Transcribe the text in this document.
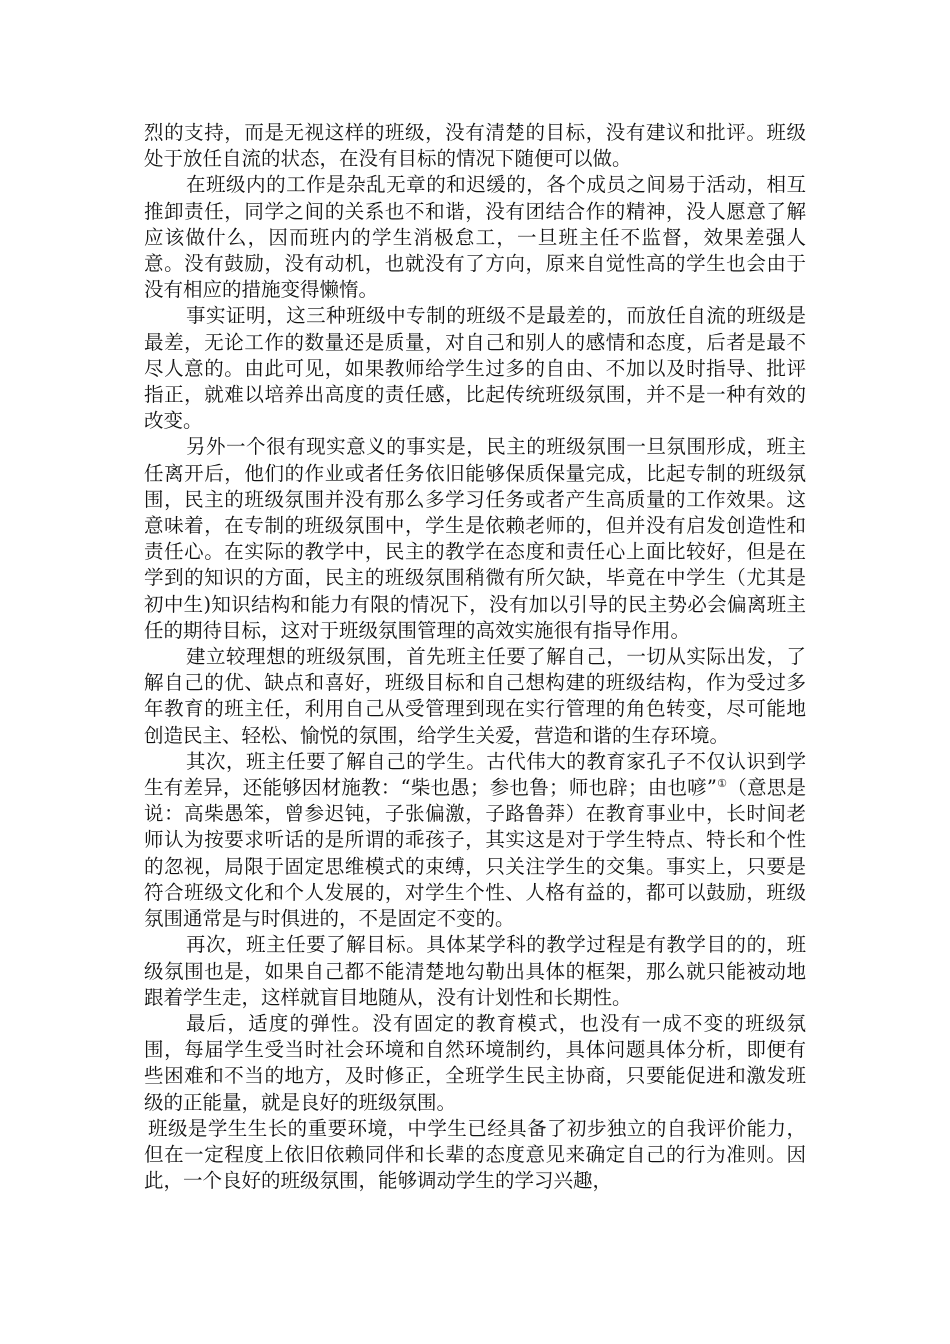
烈的支持，而是无视这样的班级，没有清楚的目标，没有建议和批评。班级处于放任自流的状态，在没有目标的情况下随便可以做。

在班级内的工作是杂乱无章的和迟缓的，各个成员之间易于活动，相互推卸责任，同学之间的关系也不和谐，没有团结合作的精神，没人愿意了解应该做什么，因而班内的学生消极怠工，一旦班主任不监督，效果差强人意。没有鼓励，没有动机，也就没有了方向，原来自觉性高的学生也会由于没有相应的措施变得懒惰。

事实证明，这三种班级中专制的班级不是最差的，而放任自流的班级是最差，无论工作的数量还是质量，对自己和别人的感情和态度，后者是最不尽人意的。由此可见，如果教师给学生过多的自由、不加以及时指导、批评指正，就难以培养出高度的责任感，比起传统班级氛围，并不是一种有效的改变。

另外一个很有现实意义的事实是，民主的班级氛围一旦氛围形成，班主任离开后，他们的作业或者任务依旧能够保质保量完成，比起专制的班级氛围，民主的班级氛围并没有那么多学习任务或者产生高质量的工作效果。这意味着，在专制的班级氛围中，学生是依赖老师的，但并没有启发创造性和责任心。在实际的教学中，民主的教学在态度和责任心上面比较好，但是在学到的知识的方面，民主的班级氛围稍微有所欠缺，毕竟在中学生（尤其是初中生)知识结构和能力有限的情况下，没有加以引导的民主势必会偏离班主任的期待目标，这对于班级氛围管理的高效实施很有指导作用。

建立较理想的班级氛围，首先班主任要了解自己，一切从实际出发，了解自己的优、缺点和喜好，班级目标和自己想构建的班级结构，作为受过多年教育的班主任，利用自己从受管理到现在实行管理的角色转变，尽可能地创造民主、轻松、愉悦的氛围，给学生关爱，营造和谐的生存环境。

其次，班主任要了解自己的学生。古代伟大的教育家孔子不仅认识到学生有差异，还能够因材施教：“柴也愚；参也鲁；师也辟；由也喭”①（意思是说：高柴愚笨，曾参迟钝，子张偏激，子路鲁莽）在教育事业中，长时间老师认为按要求听话的是所谓的乖孩子，其实这是对于学生特点、特长和个性的忽视，局限于固定思维模式的束缚，只关注学生的交集。事实上，只要是符合班级文化和个人发展的，对学生个性、人格有益的，都可以鼓励，班级氛围通常是与时俱进的，不是固定不变的。

再次，班主任要了解目标。具体某学科的教学过程是有教学目的的，班级氛围也是，如果自己都不能清楚地勾勒出具体的框架，那么就只能被动地跟着学生走，这样就盲目地随从，没有计划性和长期性。

最后，适度的弹性。没有固定的教育模式，也没有一成不变的班级氛围，每届学生受当时社会环境和自然环境制约，具体问题具体分析，即便有些困难和不当的地方，及时修正，全班学生民主协商，只要能促进和激发班级的正能量，就是良好的班级氛围。

班级是学生生长的重要环境，中学生已经具备了初步独立的自我评价能力，但在一定程度上依旧依赖同伴和长辈的态度意见来确定自己的行为准则。因此，一个良好的班级氛围，能够调动学生的学习兴趣，
